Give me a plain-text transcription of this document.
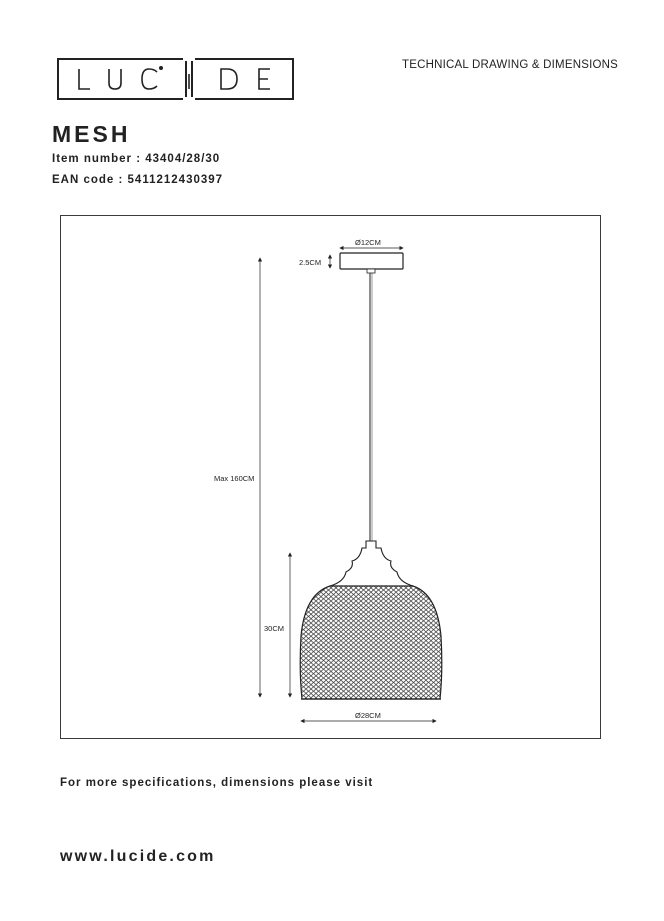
TECHNICAL DRAWING & DIMENSIONS
MESH
Item number : 43404/28/30
EAN code : 5411212430397
Ø12CM
2.5CM
Max 160CM
30CM
Ø28CM
For more specifications, dimensions please visit
www.lucide.com
